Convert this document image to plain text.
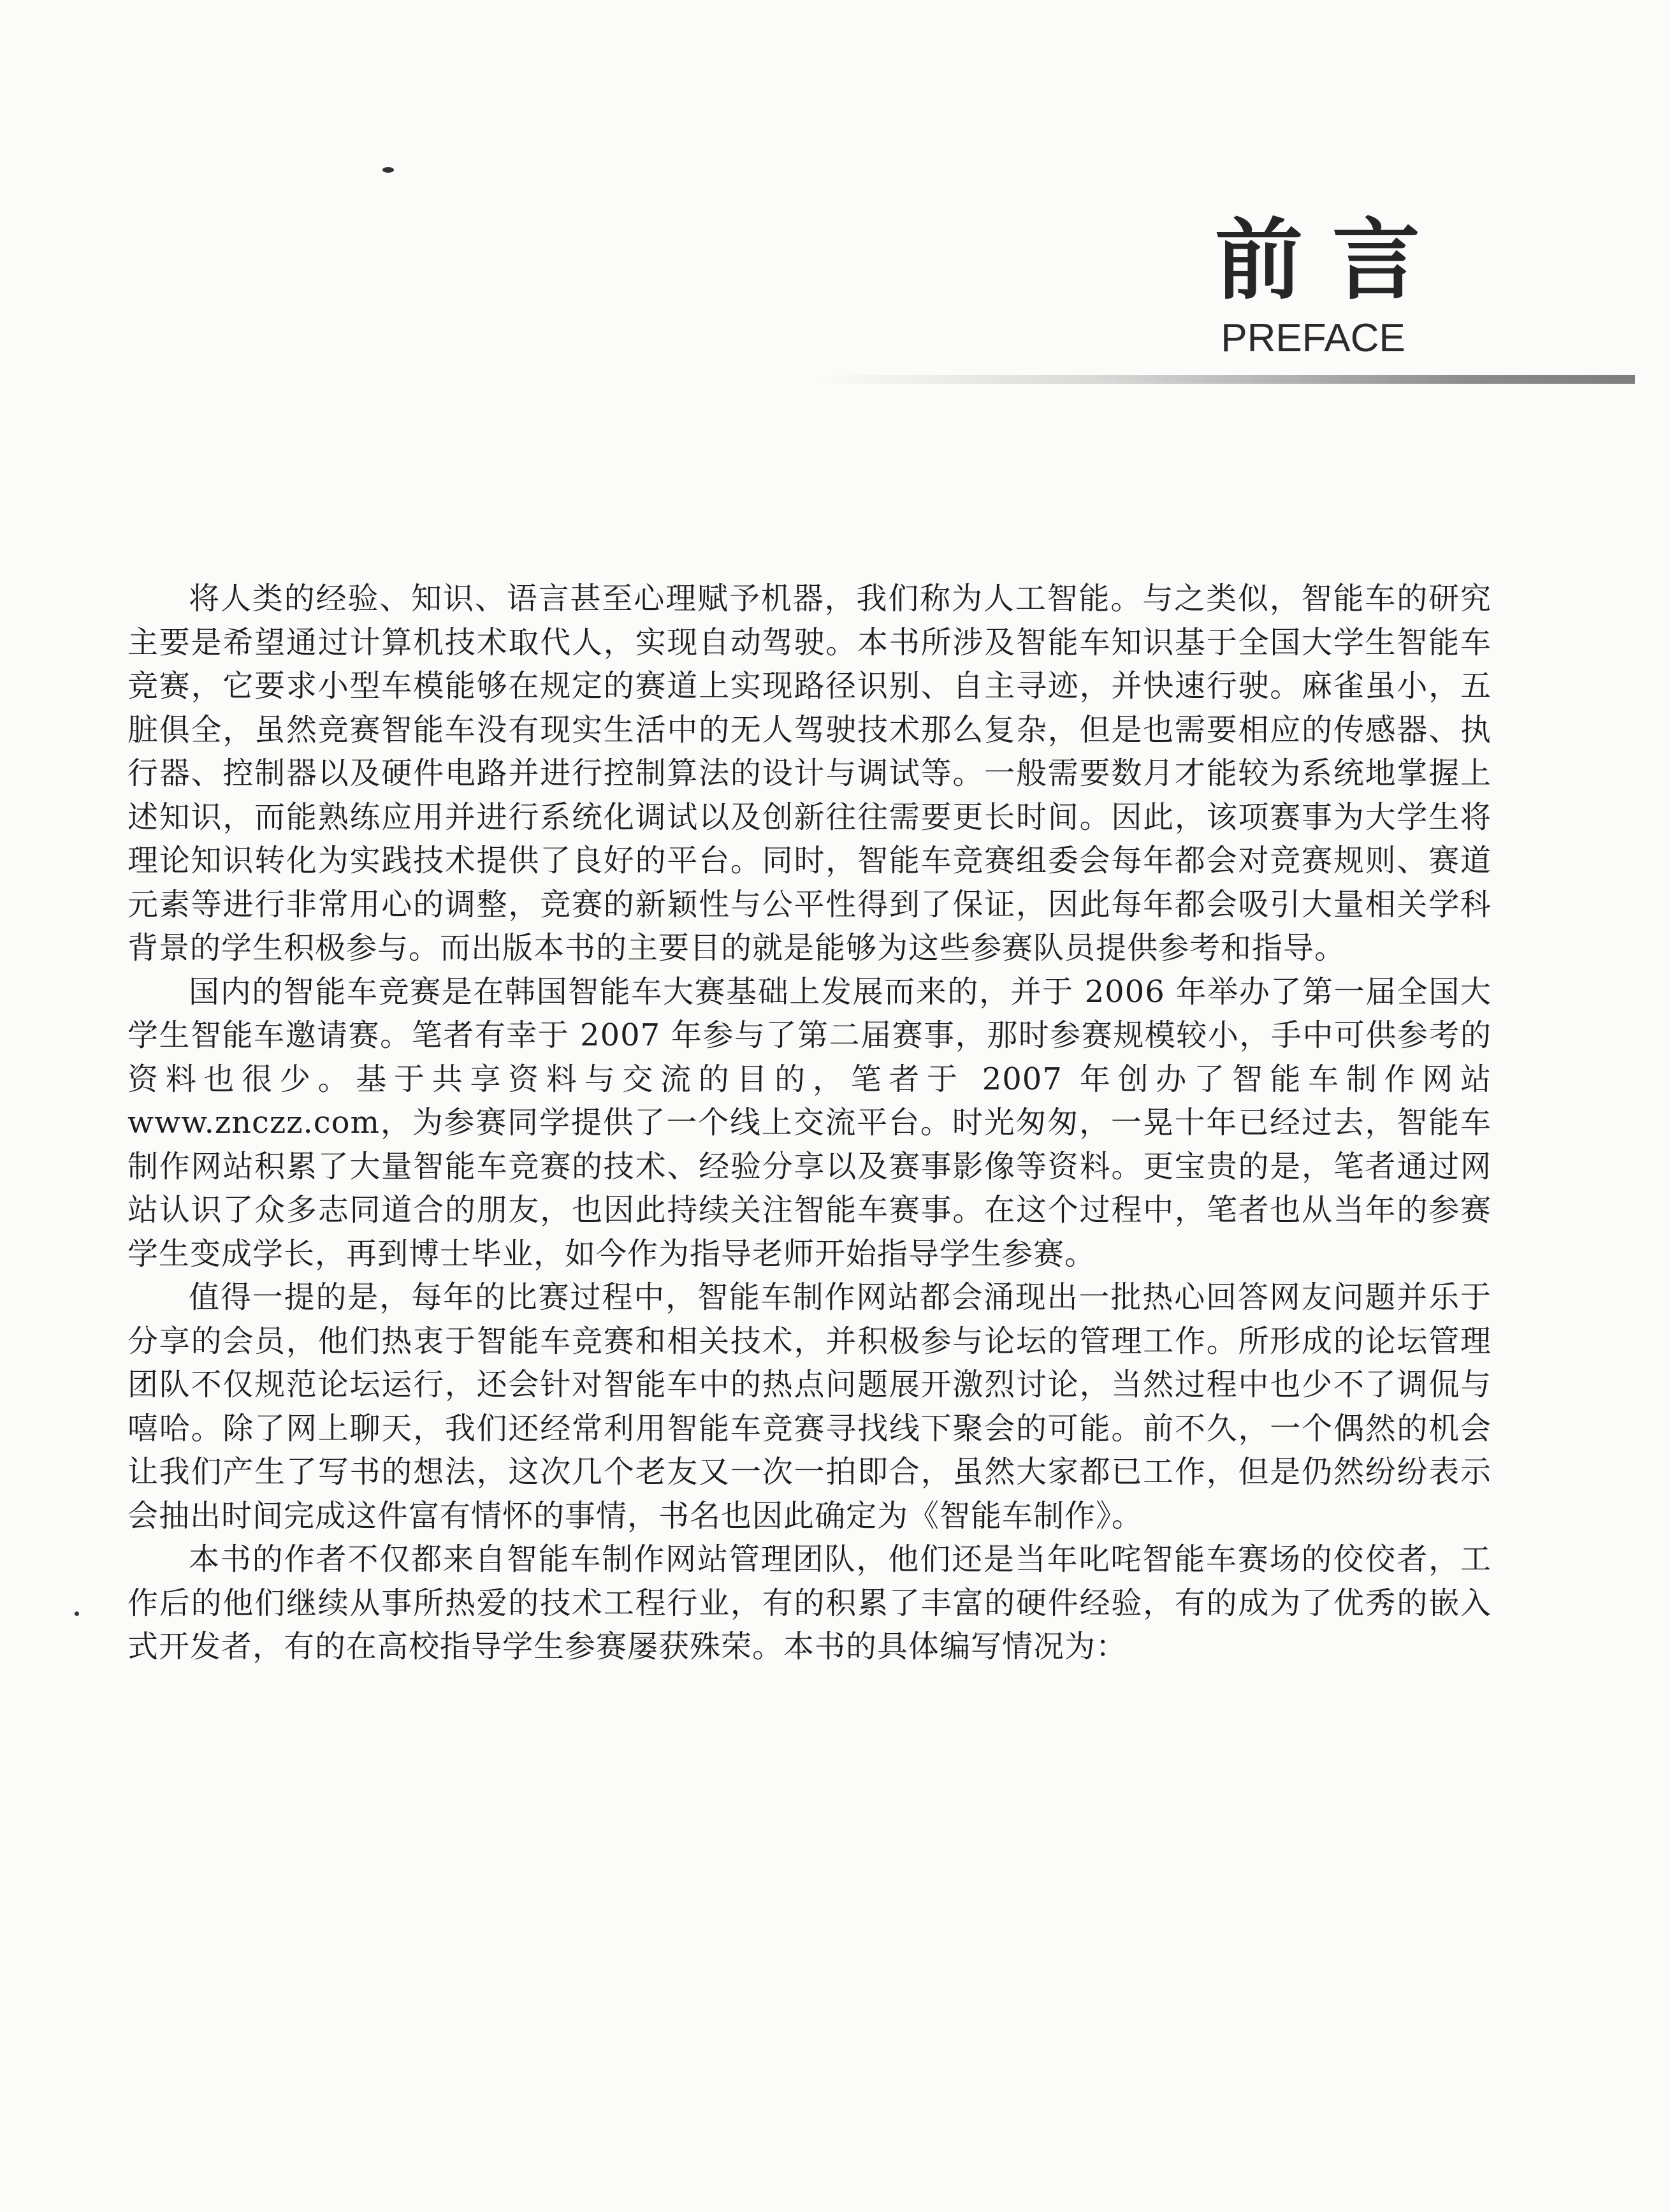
前言
PREFACE

将人类的经验、知识、语言甚至心理赋予机器，我们称为人工智能。与之类似，智能车的研究主要是希望通过计算机技术取代人，实现自动驾驶。本书所涉及智能车知识基于全国大学生智能车竞赛，它要求小型车模能够在规定的赛道上实现路径识别、自主寻迹，并快速行驶。麻雀虽小，五脏俱全，虽然竞赛智能车没有现实生活中的无人驾驶技术那么复杂，但是也需要相应的传感器、执行器、控制器以及硬件电路并进行控制算法的设计与调试等。一般需要数月才能较为系统地掌握上述知识，而能熟练应用并进行系统化调试以及创新往往需要更长时间。因此，该项赛事为大学生将理论知识转化为实践技术提供了良好的平台。同时，智能车竞赛组委会每年都会对竞赛规则、赛道元素等进行非常用心的调整，竞赛的新颖性与公平性得到了保证，因此每年都会吸引大量相关学科背景的学生积极参与。而出版本书的主要目的就是能够为这些参赛队员提供参考和指导。

国内的智能车竞赛是在韩国智能车大赛基础上发展而来的，并于 2006 年举办了第一届全国大学生智能车邀请赛。笔者有幸于 2007 年参与了第二届赛事，那时参赛规模较小，手中可供参考的资料也很少。基于共享资料与交流的目的，笔者于 2007 年创办了智能车制作网站 www.znczz.com，为参赛同学提供了一个线上交流平台。时光匆匆，一晃十年已经过去，智能车制作网站积累了大量智能车竞赛的技术、经验分享以及赛事影像等资料。更宝贵的是，笔者通过网站认识了众多志同道合的朋友，也因此持续关注智能车赛事。在这个过程中，笔者也从当年的参赛学生变成学长，再到博士毕业，如今作为指导老师开始指导学生参赛。

值得一提的是，每年的比赛过程中，智能车制作网站都会涌现出一批热心回答网友问题并乐于分享的会员，他们热衷于智能车竞赛和相关技术，并积极参与论坛的管理工作。所形成的论坛管理团队不仅规范论坛运行，还会针对智能车中的热点问题展开激烈讨论，当然过程中也少不了调侃与嘻哈。除了网上聊天，我们还经常利用智能车竞赛寻找线下聚会的可能。前不久，一个偶然的机会让我们产生了写书的想法，这次几个老友又一次一拍即合，虽然大家都已工作，但是仍然纷纷表示会抽出时间完成这件富有情怀的事情，书名也因此确定为《智能车制作》。

本书的作者不仅都来自智能车制作网站管理团队，他们还是当年叱咤智能车赛场的佼佼者，工作后的他们继续从事所热爱的技术工程行业，有的积累了丰富的硬件经验，有的成为了优秀的嵌入式开发者，有的在高校指导学生参赛屡获殊荣。本书的具体编写情况为：
